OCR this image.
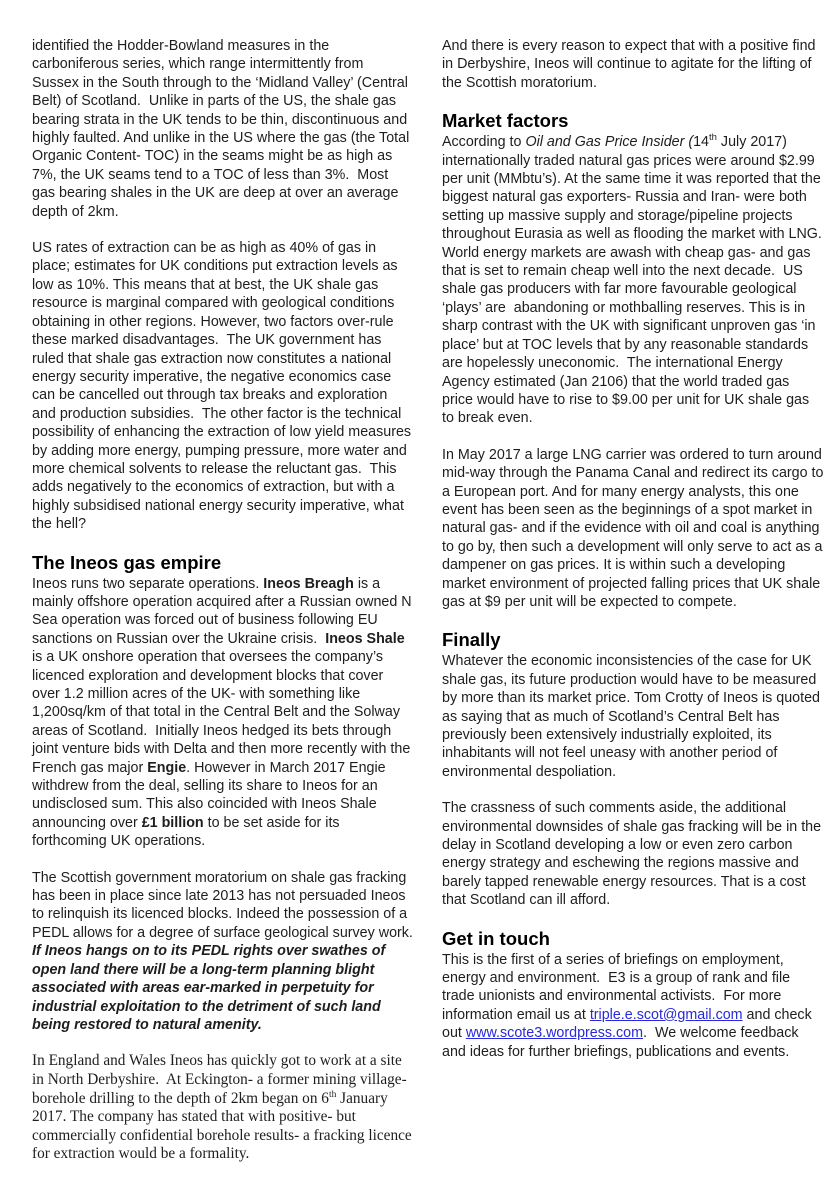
identified the Hodder-Bowland measures in the carboniferous series, which range intermittently from Sussex in the South through to the ‘Midland Valley’ (Central Belt) of Scotland.  Unlike in parts of the US, the shale gas bearing strata in the UK tends to be thin, discontinuous and highly faulted. And unlike in the US where the gas (the Total Organic Content- TOC) in the seams might be as high as 7%, the UK seams tend to a TOC of less than 3%.  Most gas bearing shales in the UK are deep at over an average depth of 2km.

US rates of extraction can be as high as 40% of gas in place; estimates for UK conditions put extraction levels as low as 10%. This means that at best, the UK shale gas resource is marginal compared with geological conditions obtaining in other regions. However, two factors over-rule these marked disadvantages.  The UK government has ruled that shale gas extraction now constitutes a national energy security imperative, the negative economics case can be cancelled out through tax breaks and exploration and production subsidies.  The other factor is the technical possibility of enhancing the extraction of low yield measures by adding more energy, pumping pressure, more water and more chemical solvents to release the reluctant gas.  This adds negatively to the economics of extraction, but with a highly subsidised national energy security imperative, what the hell?

The Ineos gas empire

Ineos runs two separate operations. Ineos Breagh is a mainly offshore operation acquired after a Russian owned N Sea operation was forced out of business following EU sanctions on Russian over the Ukraine crisis.  Ineos Shale is a UK onshore operation that oversees the company’s licenced exploration and development blocks that cover over 1.2 million acres of the UK- with something like 1,200sq/km of that total in the Central Belt and the Solway areas of Scotland.  Initially Ineos hedged its bets through joint venture bids with Delta and then more recently with the French gas major Engie. However in March 2017 Engie withdrew from the deal, selling its share to Ineos for an undisclosed sum. This also coincided with Ineos Shale announcing over £1 billion to be set aside for its forthcoming UK operations.

The Scottish government moratorium on shale gas fracking has been in place since late 2013 has not persuaded Ineos to relinquish its licenced blocks. Indeed the possession of a PEDL allows for a degree of surface geological survey work. If Ineos hangs on to its PEDL rights over swathes of open land there will be a long-term planning blight associated with areas ear-marked in perpetuity for industrial exploitation to the detriment of such land being restored to natural amenity.

In England and Wales Ineos has quickly got to work at a site in North Derbyshire.  At Eckington- a former mining village- borehole drilling to the depth of 2km began on 6th January 2017. The company has stated that with positive- but commercially confidential borehole results- a fracking licence for extraction would be a formality.

And there is every reason to expect that with a positive find in Derbyshire, Ineos will continue to agitate for the lifting of the Scottish moratorium.

Market factors

According to Oil and Gas Price Insider (14th July 2017) internationally traded natural gas prices were around $2.99 per unit (MMbtu’s). At the same time it was reported that the biggest natural gas exporters- Russia and Iran- were both setting up massive supply and storage/pipeline projects throughout Eurasia as well as flooding the market with LNG.   World energy markets are awash with cheap gas- and gas that is set to remain cheap well into the next decade.  US shale gas producers with far more favourable geological ‘plays’ are  abandoning or mothballing reserves. This is in sharp contrast with the UK with significant unproven gas ‘in place’ but at TOC levels that by any reasonable standards are hopelessly uneconomic.  The international Energy Agency estimated (Jan 2106) that the world traded gas price would have to rise to $9.00 per unit for UK shale gas to break even.

In May 2017 a large LNG carrier was ordered to turn around mid-way through the Panama Canal and redirect its cargo to a European port. And for many energy analysts, this one event has been seen as the beginnings of a spot market in natural gas- and if the evidence with oil and coal is anything to go by, then such a development will only serve to act as a dampener on gas prices. It is within such a developing market environment of projected falling prices that UK shale gas at $9 per unit will be expected to compete.

Finally

Whatever the economic inconsistencies of the case for UK shale gas, its future production would have to be measured by more than its market price. Tom Crotty of Ineos is quoted as saying that as much of Scotland’s Central Belt has previously been extensively industrially exploited, its inhabitants will not feel uneasy with another period of environmental despoliation.

The crassness of such comments aside, the additional environmental downsides of shale gas fracking will be in the delay in Scotland developing a low or even zero carbon energy strategy and eschewing the regions massive and barely tapped renewable energy resources. That is a cost that Scotland can ill afford.

Get in touch

This is the first of a series of briefings on employment, energy and environment.  E3 is a group of rank and file trade unionists and environmental activists.  For more information email us at triple.e.scot@gmail.com and check out www.scote3.wordpress.com.  We welcome feedback and ideas for further briefings, publications and events.
